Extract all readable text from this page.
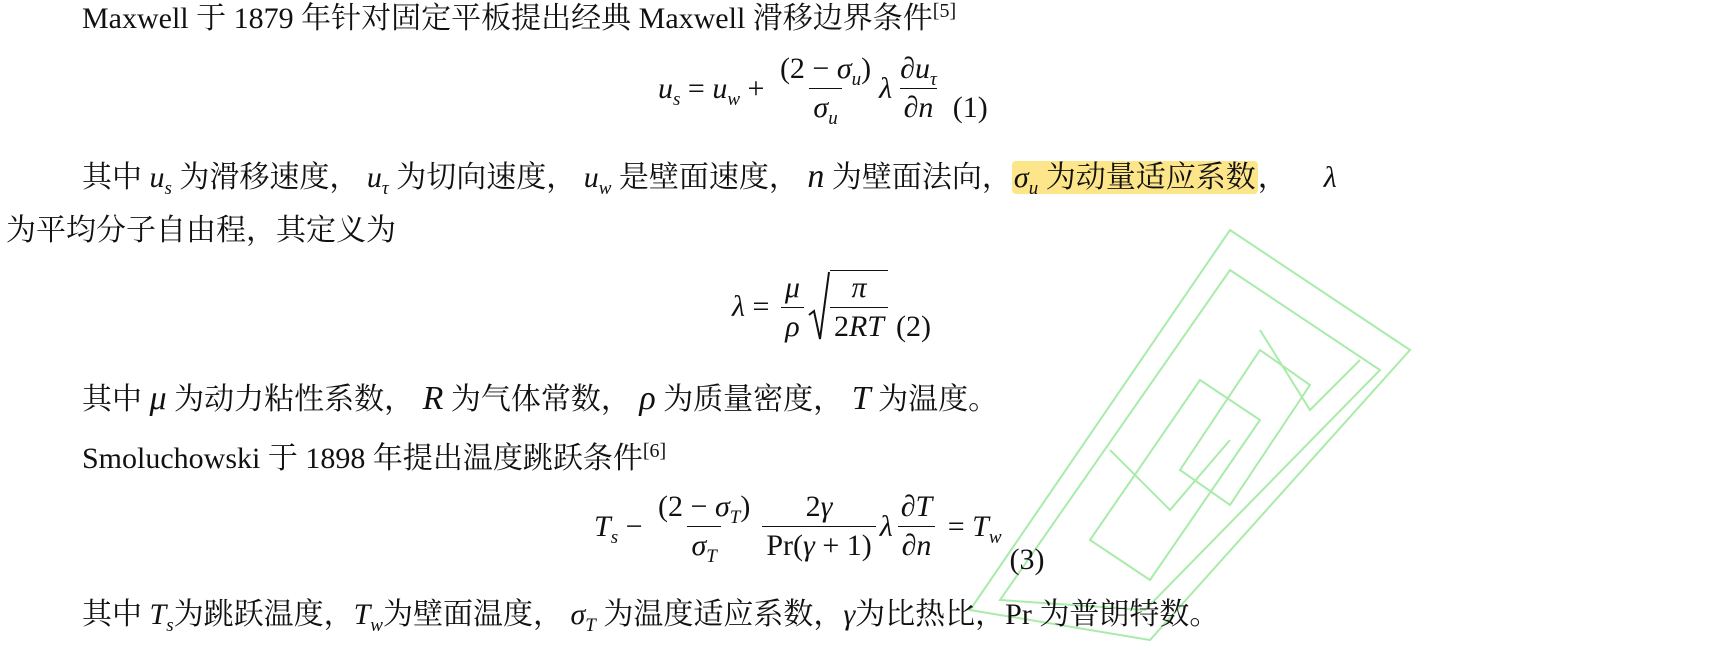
Maxwell 于 1879 年针对固定平板提出经典 Maxwell 滑移边界条件[5]
$u_s = u_w + \frac{(2 - \sigma_u)}{\sigma_u}$ λ $\frac{\partial u_\tau}{\partial n} (1)$
其中 $u_s$ 为滑移速度， $u_\tau$ 为切向速度， $u_w$ 是壁面速度， n 为壁面法向，$\sigma_u$ 为动量适应系数， λ
为平均分子自由程，其定义为
$\lambda = \frac{\mu}{\rho} \frac{\pi}{2RT} (2)$
其中 μ 为动力粘性系数， R 为气体常数， ρ 为质量密度， T 为温度。
Smoluchowski 于 1898 年提出温度跳跃条件[6]
$T_s - \frac{(2 - \sigma_T)}{\sigma_T} \frac{2\gamma}{Pr(\gamma + 1)}$ λ $\frac{\partial T}{\partial n} = T_w$
(3)
其中 $T_s$为跳跃温度，$T_w$为壁面温度， $\sigma_T$ 为温度适应系数，γ为比热比，Pr 为普朗特数。
